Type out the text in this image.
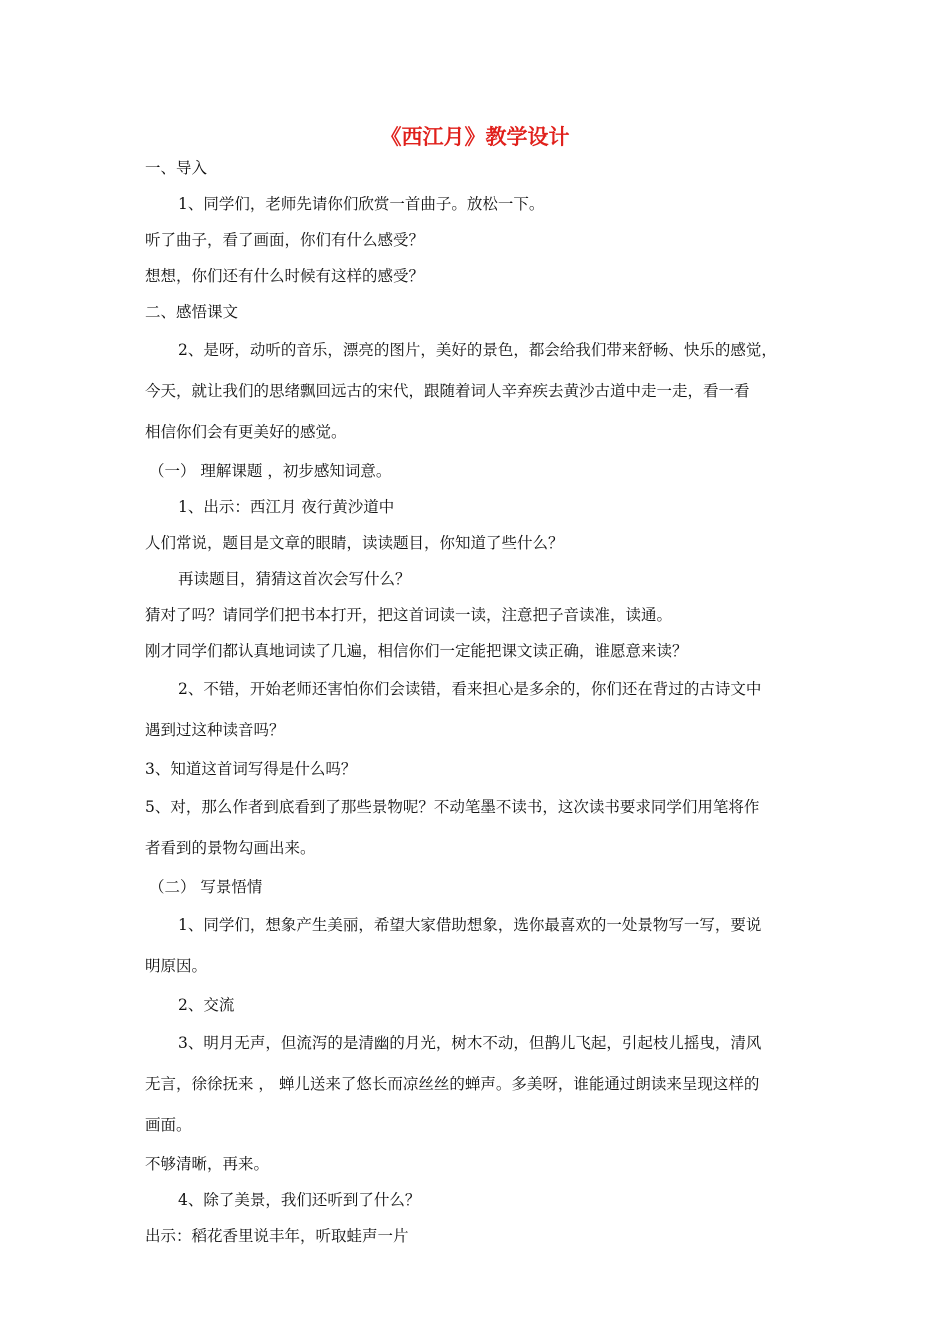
《西江月》教学设计

一、导入

1、同学们，老师先请你们欣赏一首曲子。放松一下。

听了曲子，看了画面，你们有什么感受？

想想，你们还有什么时候有这样的感受？

二、感悟课文

2、是呀，动听的音乐，漂亮的图片，美好的景色，都会给我们带来舒畅、快乐的感觉，

今天，就让我们的思绪飘回远古的宋代，跟随着词人辛弃疾去黄沙古道中走一走，看一看

相信你们会有更美好的感觉。

（一） 理解课题 ，初步感知词意。

1、出示：西江月 夜行黄沙道中

人们常说，题目是文章的眼睛，读读题目，你知道了些什么？

再读题目，猜猜这首次会写什么？

猜对了吗？请同学们把书本打开，把这首词读一读，注意把子音读准，读通。

刚才同学们都认真地词读了几遍，相信你们一定能把课文读正确，谁愿意来读？

2、不错，开始老师还害怕你们会读错，看来担心是多余的，你们还在背过的古诗文中

遇到过这种读音吗？

3、知道这首词写得是什么吗？

5、对，那么作者到底看到了那些景物呢？不动笔墨不读书，这次读书要求同学们用笔将作

者看到的景物勾画出来。

（二） 写景悟情

1、同学们，想象产生美丽，希望大家借助想象，选你最喜欢的一处景物写一写，要说

明原因。

2、交流

3、明月无声，但流泻的是清幽的月光，树木不动，但鹊儿飞起，引起枝儿摇曳，清风

无言，徐徐抚来 ， 蝉儿送来了悠长而凉丝丝的蝉声。多美呀，谁能通过朗读来呈现这样的

画面。

不够清晰，再来。

4、除了美景，我们还听到了什么？

出示：稻花香里说丰年，听取蛙声一片
